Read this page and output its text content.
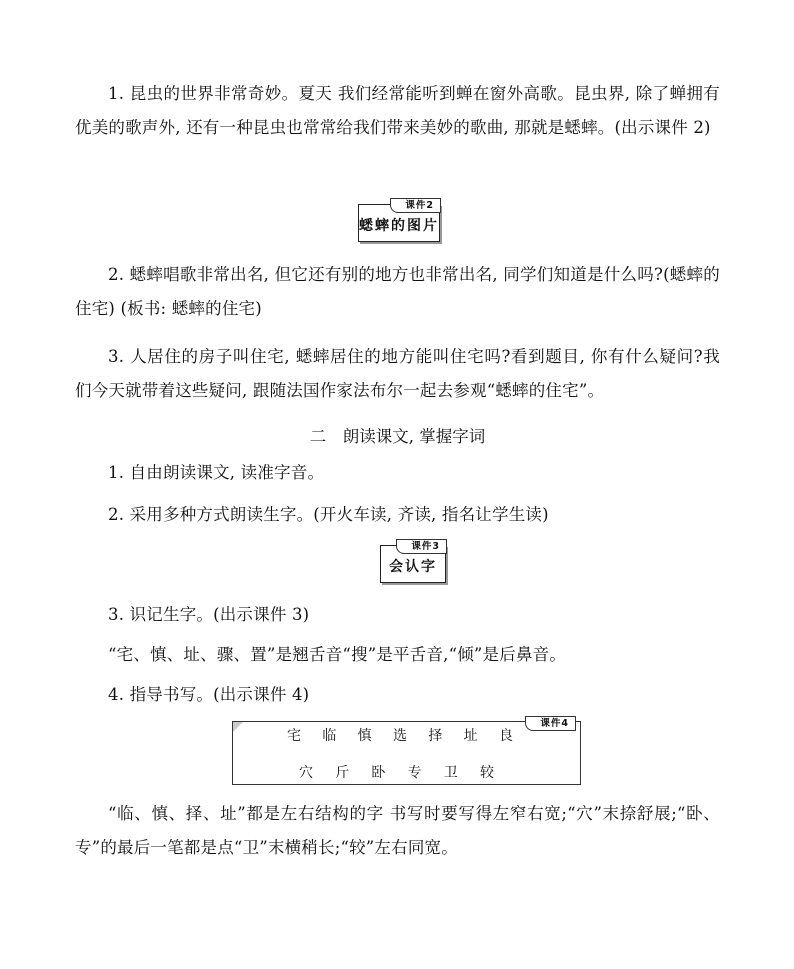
1. 昆虫的世界非常奇妙。夏天 我们经常能听到蝉在窗外高歌。昆虫界, 除了蝉拥有优美的歌声外, 还有一种昆虫也常常给我们带来美妙的歌曲, 那就是蟋蟀。(出示课件 2)

课件2
蟋蟀的图片

2. 蟋蟀唱歌非常出名, 但它还有别的地方也非常出名, 同学们知道是什么吗?(蟋蟀的住宅) (板书: 蟋蟀的住宅)

3. 人居住的房子叫住宅, 蟋蟀居住的地方能叫住宅吗?看到题目, 你有什么疑问?我们今天就带着这些疑问, 跟随法国作家法布尔一起去参观“蟋蟀的住宅”。

二　朗读课文, 掌握字词

1. 自由朗读课文, 读准字音。

2. 采用多种方式朗读生字。(开火车读, 齐读, 指名让学生读)

课件3
会认字

3. 识记生字。(出示课件 3)

“宅、慎、址、骤、置”是翘舌音“搜”是平舌音,“倾”是后鼻音。

4. 指导书写。(出示课件 4)

课件4
宅 临 慎 选 择 址 良
穴 斤 卧 专 卫 较

“临、慎、择、址”都是左右结构的字 书写时要写得左窄右宽;“穴”末捺舒展;“卧、专”的最后一笔都是点“卫”末横稍长;“较”左右同宽。
